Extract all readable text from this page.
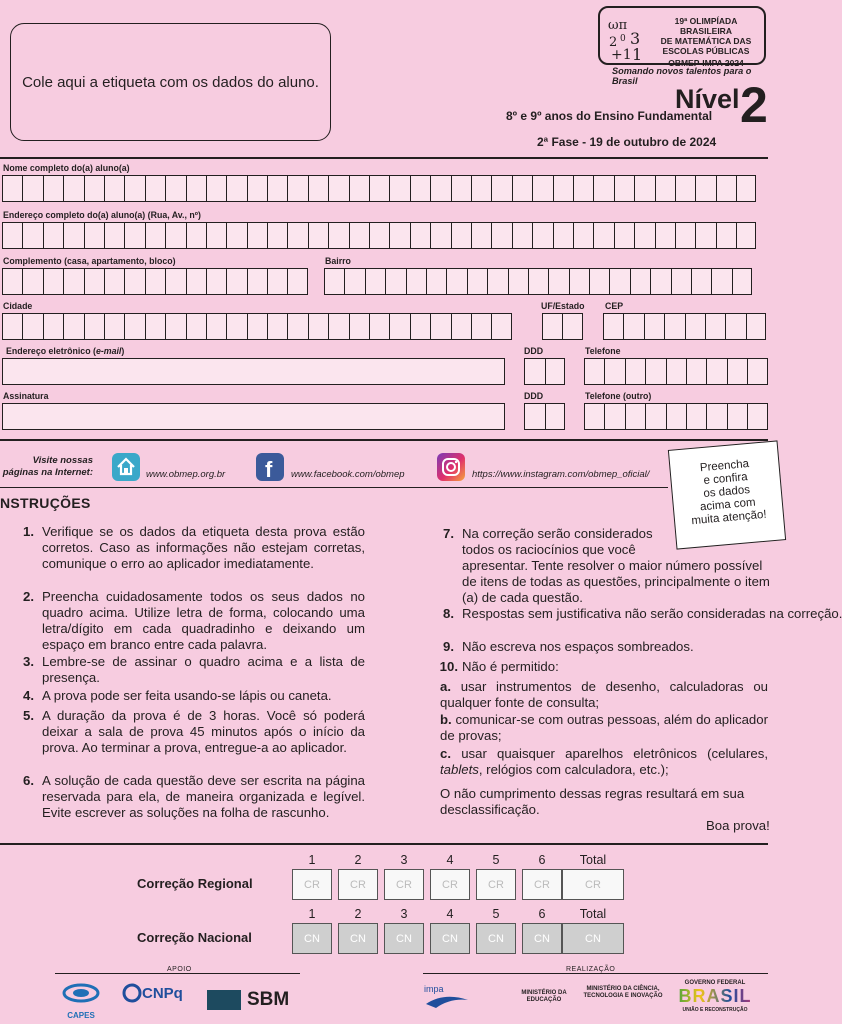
Cole aqui a etiqueta com os dados do aluno.
ωπ
3
2 0
+1 1
19ª OLIMPÍADA BRASILEIRA
DE MATEMÁTICA DAS
ESCOLAS PÚBLICAS
OBMEP-IMPA 2024
Somando novos talentos para o Brasil
Nível 2
8º e 9º anos do Ensino Fundamental
2ª Fase - 19 de outubro de 2024
Nome completo do(a) aluno(a)
Endereço completo do(a) aluno(a) (Rua, Av., nº)
Complemento (casa, apartamento, bloco)	Bairro
Cidade	UF/Estado CEP
Endereço eletrônico (e-mail)	DDD	Telefone
Assinatura	DDD	Telefone (outro)
Visite nossas
páginas na Internet:	www.obmep.org.br f www.facebook.com/obmep	https://www.instagram.com/obmep_oficial/
Preencha
e confira
os dados
acima com
muita atenção!
NSTRUÇÕES
1. Verifique se os dados da etiqueta desta prova estão corretos. Caso as informações não estejam corretas, comunique o erro ao aplicador imediatamente.
2. Preencha cuidadosamente todos os seus dados no quadro acima. Utilize letra de forma, colocando uma letra/dígito em cada quadradinho e deixando um espaço em branco entre cada palavra.
3. Lembre-se de assinar o quadro acima e a lista de presença.
4. A prova pode ser feita usando-se lápis ou caneta.
5. A duração da prova é de 3 horas. Você só poderá deixar a sala de prova 45 minutos após o início da prova. Ao terminar a prova, entregue-a ao aplicador.
6. A solução de cada questão deve ser escrita na página reservada para ela, de maneira organizada e legível. Evite escrever as soluções na folha de rascunho.
7. Na correção serão considerados
todos os raciocínios que você
apresentar. Tente resolver o maior número possível
de itens de todas as questões, principalmente o item
(a) de cada questão.
8. Respostas sem justificativa não serão consideradas na correção.
9. Não escreva nos espaços sombreados.
10. Não é permitido:
a. usar instrumentos de desenho, calculadoras ou qualquer fonte de consulta;
b. comunicar-se com outras pessoas, além do aplicador de provas;
c. usar quaisquer aparelhos eletrônicos (celulares, tablets, relógios com calculadora, etc.);
O não cumprimento dessas regras resultará em sua desclassificação.
Boa prova!
1	2	3	4	5	6	Total
Correção Regional	CR	CR	CR	CR	CR	CR	CR
1	2	3	4	5	6	Total
Correção Nacional	CN	CN	CN	CN	CN	CN	CN
APOIO	REALIZAÇÃO
CAPES
CNPq	SBM	impa	MINISTÉRIO DA EDUCAÇÃO
MINISTÉRIO DA CIÊNCIA, TECNOLOGIA E INOVAÇÃO
GOVERNO FEDERAL
BRASIL
UNIÃO E RECONSTRUÇÃO
